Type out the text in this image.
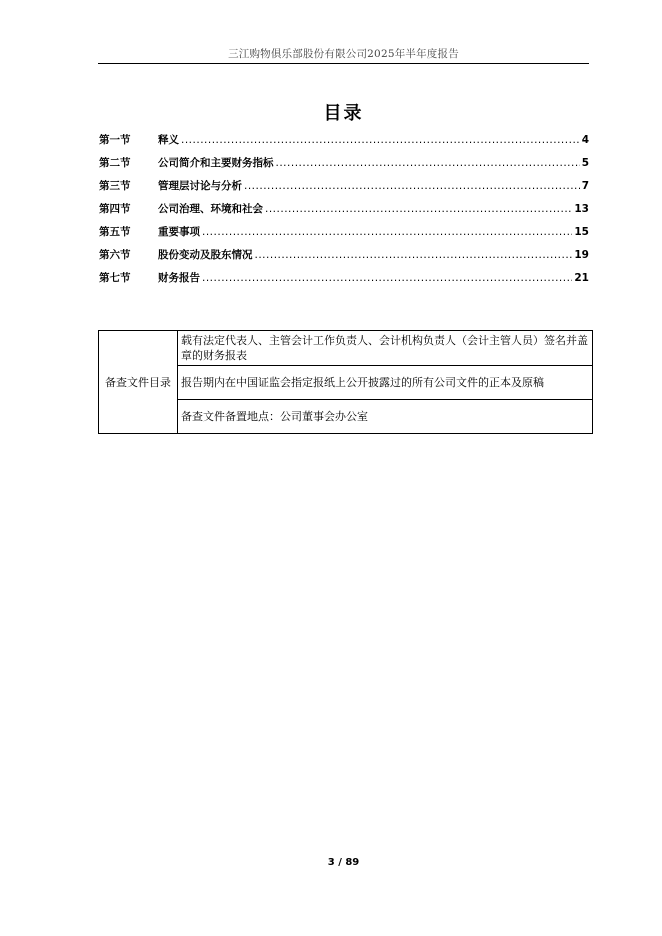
三江购物俱乐部股份有限公司2025年半年度报告
目录
第一节	释义 .....	4
第二节	公司简介和主要财务指标 .....	5
第三节	管理层讨论与分析 .....	7
第四节	公司治理、环境和社会 .....	13
第五节	重要事项 .....	15
第六节	股份变动及股东情况 .....	19
第七节	财务报告 .....	21
备查文件目录	载有法定代表人、主管会计工作负责人、会计机构负责人（会计主管人员）签名并盖章的财务报表
报告期内在中国证监会指定报纸上公开披露过的所有公司文件的正本及原稿
备查文件备置地点：公司董事会办公室
3 / 89
